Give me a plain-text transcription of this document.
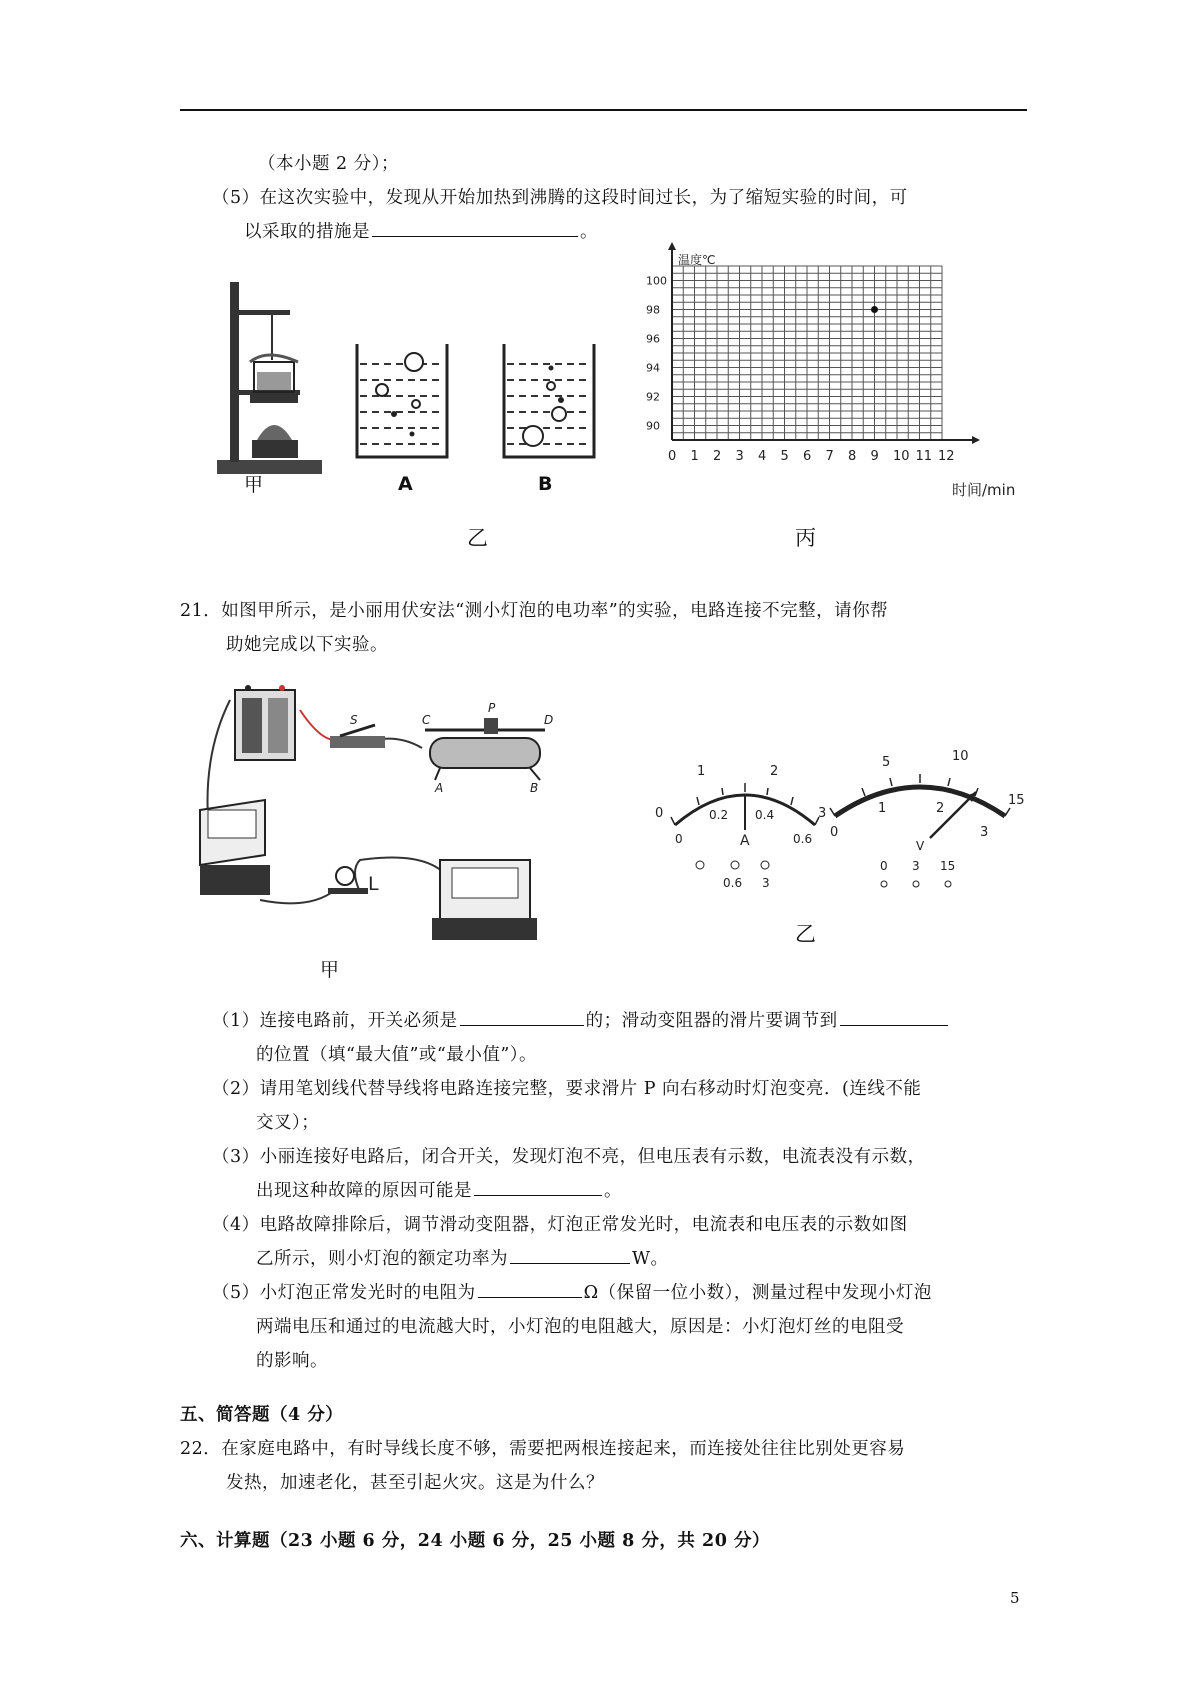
（本小题 2 分）；
（5）在这次实验中，发现从开始加热到沸腾的这段时间过长，为了缩短实验的时间，可
以采取的措施是	。
甲	A	B
乙
100
98
96
94
92
90
0 1 2 3 4 5 6 7 8 9 10 11 12
温度℃
时间/min
丙
21．如图甲所示，是小丽用伏安法“测小灯泡的电功率”的实验，电路连接不完整，请你帮
助她完成以下实验。
S	C
P
D
A	B
L
甲
0
1	2
3
0
0.2 0.4
0.6
A
0.6 3
5	10
15
0
1	2
3
V
0 3 15
乙
（1）连接电路前，开关必须是	的；滑动变阻器的滑片要调节到
的位置（填“最大值”或“最小值”）。
（2）请用笔划线代替导线将电路连接完整，要求滑片 P 向右移动时灯泡变亮．(连线不能
交叉）；
（3）小丽连接好电路后，闭合开关，发现灯泡不亮，但电压表有示数，电流表没有示数，
出现这种故障的原因可能是	。
（4）电路故障排除后，调节滑动变阻器，灯泡正常发光时，电流表和电压表的示数如图
乙所示，则小灯泡的额定功率为	W。
（5）小灯泡正常发光时的电阻为	Ω（保留一位小数），测量过程中发现小灯泡
两端电压和通过的电流越大时，小灯泡的电阻越大，原因是：小灯泡灯丝的电阻受
的影响。
五、简答题（4 分）
22．在家庭电路中，有时导线长度不够，需要把两根连接起来，而连接处往往比别处更容易
发热，加速老化，甚至引起火灾。这是为什么？
六、计算题（23 小题 6 分，24 小题 6 分，25 小题 8 分，共 20 分）
5
